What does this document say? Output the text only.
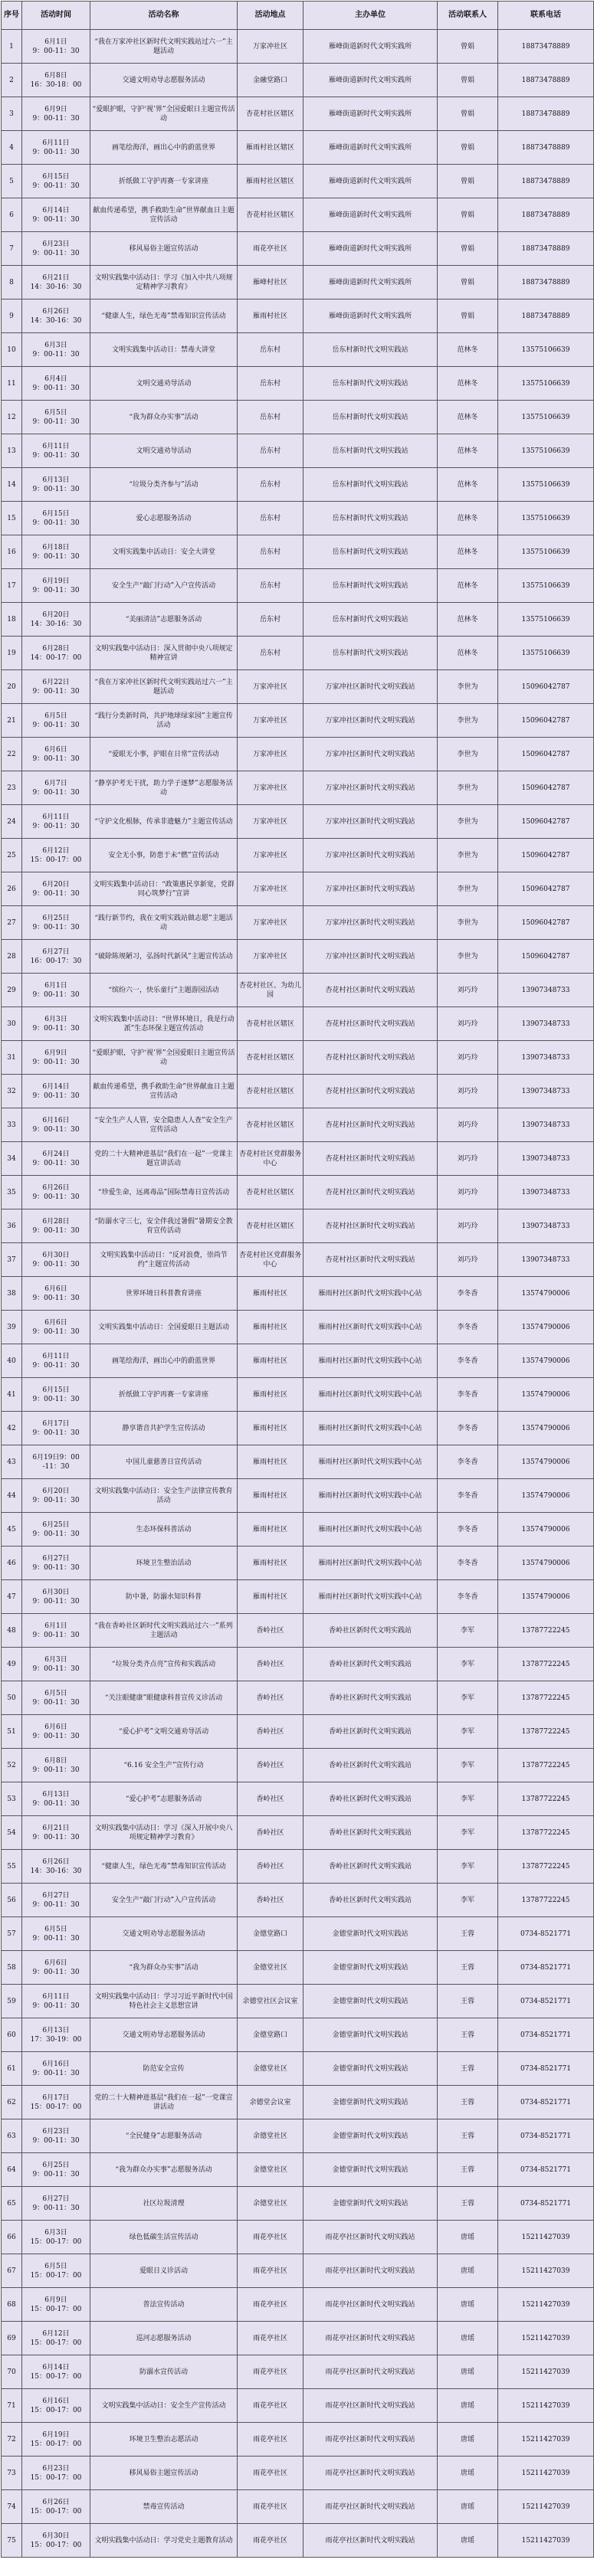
序号	活动时间	活动名称	活动地点	主办单位	活动联系人	联系电话
1	6月1日
9：00-11：30	“我在万家冲社区新时代文明实践站过六一”主题活动	万家冲社区	雁峰街道新时代文明实践所	曾娟	18873478889
2	6月8日
16：30-18：00	交通文明劝导志愿服务活动	金融堂路口	雁峰街道新时代文明实践所	曾娟	18873478889
3	6月9日
9：00-11：30	“爱眼护眼，守护‘视’界”全国爱眼日主题宣传活动	杏花村社区辖区	雁峰街道新时代文明实践所	曾娟	18873478889
4	6月11日
9：00-11：30	画笔绘海洋，画出心中的蔚蓝世界	雁雨村社区辖区	雁峰街道新时代文明实践所	曾娟	18873478889
5	6月15日
9：00-11：30	折纸做工守护再赛一专家讲座	雁雨村社区辖区	雁峰街道新时代文明实践所	曾娟	18873478889
6	6月14日
9：00-11：30	献血传递希望，携手救助生命”世界献血日主题宣传活动	杏花村社区辖区	雁峰街道新时代文明实践所	曾娟	18873478889
7	6月23日
9：00-11：30	移风易俗主题宣传活动	雨花亭社区	雁峰街道新时代文明实践所	曾娟	18873478889
8	6月21日
14：30-16：30	文明实践集中活动日：学习《加入中共八项规定精神学习教育》	雁峰村社区	雁峰街道新时代文明实践所	曾娟	18873478889
9	6月26日
14：30-16：30	“健康人生，绿色无毒”禁毒知识宣传活动	雁雨村社区	雁峰街道新时代文明实践所	曾娟	18873478889
10	6月3日
9：00-11：30	文明实践集中活动日：禁毒大讲堂	岳东村	岳东村新时代文明实践站	范林冬	13575106639
11	6月4日
9：00-11：30	文明交通劝导活动	岳东村	岳东村新时代文明实践站	范林冬	13575106639
12	6月5日
9：00-11：30	“我为群众办实事”活动	岳东村	岳东村新时代文明实践站	范林冬	13575106639
13	6月11日
9：00-11：30	文明交通劝导活动	岳东村	岳东村新时代文明实践站	范林冬	13575106639
14	6月13日
9：00-11：30	“垃圾分类齐参与”活动	岳东村	岳东村新时代文明实践站	范林冬	13575106639
15	6月15日
9：00-11：30	爱心志愿服务活动	岳东村	岳东村新时代文明实践站	范林冬	13575106639
16	6月18日
9：00-11：30	文明实践集中活动日：安全大讲堂	岳东村	岳东村新时代文明实践站	范林冬	13575106639
17	6月19日
9：00-11：30	安全生产“敲门行动”入户宣传活动	岳东村	岳东村新时代文明实践站	范林冬	13575106639
18	6月20日
14：30-16：30	“美丽清洁”志愿服务活动	岳东村	岳东村新时代文明实践站	范林冬	13575106639
19	6月28日
14：00-17：00	文明实践集中活动日：深入贯彻中央八项规定精神宣讲	岳东村	岳东村新时代文明实践站	范林冬	13575106639
20	6月22日
9：00-11：30	“我在万家冲社区新时代文明实践站过六一”主题活动	万家冲社区	万家冲社区新时代文明实践站	李世为	15096042787
21	6月5日
9：00-11：30	“践行分类新时尚，共护地球绿家园”主题宣传活动	万家冲社区	万家冲社区新时代文明实践站	李世为	15096042787
22	6月6日
9：00-11：30	“爱眼无小事，护眼在日常”宣传活动	万家冲社区	万家冲社区新时代文明实践站	李世为	15096042787
23	6月7日
9：00-11：30	“静享护考无干扰，助力学子逐梦”志愿服务活动	万家冲社区	万家冲社区新时代文明实践站	李世为	15096042787
24	6月11日
9：00-11：30	“守护文化根脉，传承非遗魅力”主题宣传活动	万家冲社区	万家冲社区新时代文明实践站	李世为	15096042787
25	6月12日
15：00-17：00	安全无小事，防患于未“燃”宣传活动	万家冲社区	万家冲社区新时代文明实践站	李世为	15096042787
26	6月20日
9：00-11：30	文明实践集中活动日：“政策惠民享新宽，党群同心筑梦行”宣讲	万家冲社区	万家冲社区新时代文明实践站	李世为	15096042787
27	6月25日
9：00-11：30	“践行新节约，我在文明实践站做志愿”主题活动	万家冲社区	万家冲社区新时代文明实践站	李世为	15096042787
28	6月27日
16：00-17：30	“破除陈规陋习，弘扬时代新风”主题宣传活动	万家冲社区	万家冲社区新时代文明实践站	李世为	15096042787
29	6月1日
9：00-11：30	“缤纷六一，快乐童行”主题游园活动	杏花村社区、为幼儿园	杏花村社区新时代文明实践站	刘巧玲	13907348733
30	6月3日
9：00-11：30	文明实践集中活动日：“世界环境日，我是行动派”生态环保主题宣传活动	杏花村社区辖区	杏花村社区新时代文明实践站	刘巧玲	13907348733
31	6月9日
9：00-11：30	“爱眼护眼，守护‘视’界”全国爱眼日主题宣传活动	杏花村社区辖区	杏花村社区新时代文明实践站	刘巧玲	13907348733
32	6月14日
9：00-11：30	献血传递希望，携手救助生命”世界献血日主题宣传活动	杏花村社区辖区	杏花村社区新时代文明实践站	刘巧玲	13907348733
33	6月16日
9：00-11：30	“安全生产人人管，安全隐患人人查”安全生产宣传活动	杏花村社区辖区	杏花村社区新时代文明实践站	刘巧玲	13907348733
34	6月24日
9：00-11：30	党的二十大精神进基层“我们在一起”一党课主题宣讲活动	杏花村社区党群服务中心	杏花村社区新时代文明实践站	刘巧玲	13907348733
35	6月26日
9：00-11：30	“珍爱生命，远离毒品”国际禁毒日宣传活动	杏花村社区辖区	杏花村社区新时代文明实践站	刘巧玲	13907348733
36	6月28日
9：00-11：30	“防溺水守三七，安全伴我过暑假”暑期安全教育宣传活动	杏花村社区辖区	杏花村社区新时代文明实践站	刘巧玲	13907348733
37	6月30日
9：00-11：30	文明实践集中活动日：“反对浪费，崇尚节约”主题宣传活动	杏花村社区党群服务中心	杏花村社区新时代文明实践站	刘巧玲	13907348733
38	6月6日
9：00-11：30	世界环境日科普教育讲座	雁雨村社区	雁雨村社区新时代文明实践中心站	李冬香	13574790006
39	6月6日
9：00-11：30	文明实践集中活动日：全国爱眼日主题活动	雁雨村社区	雁雨村社区新时代文明实践中心站	李冬香	13574790006
40	6月11日
9：00-11：30	画笔绘海洋，画出心中的蔚蓝世界	雁雨村社区	雁雨村社区新时代文明实践中心站	李冬香	13574790006
41	6月15日
9：00-11：30	折纸做工守护再赛一专家讲座	雁雨村社区	雁雨村社区新时代文明实践中心站	李冬香	13574790006
42	6月17日
9：00-11：30	静享谐音共护学生宣传活动	雁雨村社区	雁雨村社区新时代文明实践中心站	李冬香	13574790006
43	6月19日9：00
-11：30	中国儿童慈善日宣传活动	雁雨村社区	雁雨村社区新时代文明实践中心站	李冬香	13574790006
44	6月20日
9：00-11：30	文明实践集中活动日：安全生产法律宣传教育活动	雁雨村社区	雁雨村社区新时代文明实践中心站	李冬香	13574790006
45	6月25日
9：00-11：30	生态环保科普活动	雁雨村社区	雁雨村社区新时代文明实践中心站	李冬香	13574790006
46	6月27日
9：00-11：30	环境卫生整治活动	雁雨村社区	雁雨村社区新时代文明实践中心站	李冬香	13574790006
47	6月30日
9：00-11：30	防中暑，防溺水知识科普	雁雨村社区	雁雨村社区新时代文明实践中心站	李冬香	13574790006
48	6月1日
9：00-11：30	“我在香岭社区新时代文明实践站过六一”系列主题活动	香岭社区	香岭社区新时代文明实践站	李军	13787722245
49	6月3日
9：00-11：30	“垃圾分类齐点亮”宣传和实践活动	香岭社区	香岭社区新时代文明实践站	李军	13787722245
50	6月5日
9：00-11：30	“关注眼健康”眼健康科普宣传义诊活动	香岭社区	香岭社区新时代文明实践站	李军	13787722245
51	6月6日
9：00-11：30	“爱心护考”文明交通劝导活动	香岭社区	香岭社区新时代文明实践站	李军	13787722245
52	6月8日
9：00-11：30	“6.16 安全生产”宣传行动	香岭社区	香岭社区新时代文明实践站	李军	13787722245
53	6月13日
9：00-11：30	“爱心护考”志愿服务活动	香岭社区	香岭社区新时代文明实践站	李军	13787722245
54	6月21日
9：00-11：30	文明实践集中活动日：学习《深入开展中央八项规定精神学习教育》	香岭社区	香岭社区新时代文明实践站	李军	13787722245
55	6月26日
14：30-16：30	“健康人生，绿色无毒”禁毒知识宣传活动	香岭社区	香岭社区新时代文明实践站	李军	13787722245
56	6月27日
9：00-11：30	安全生产“敲门行动”入户宣传活动	香岭社区	香岭社区新时代文明实践站	李军	13787722245
57	6月5日
9：00-11：30	交通文明劝导志愿服务活动	金德堂路口	金德堂新时代文明实践站	王蓉	0734-8521771
58	6月6日
9：00-11：30	“我为群众办实事”活动	金德堂社区	金德堂新时代文明实践站	王蓉	0734-8521771
59	6月11日
9：00-11：30	文明实践集中活动日：学习习近平新时代中国特色社会主义思想宣讲	余德堂社区会议室	金德堂新时代文明实践站	王蓉	0734-8521771
60	6月13日
17：30-19：00	交通文明劝导志愿服务活动	金德堂路口	金德堂新时代文明实践站	王蓉	0734-8521771
61	6月16日
9：00-11：30	防范安全宣传	金德堂社区	金德堂新时代文明实践站	王蓉	0734-8521771
62	6月17日
15：00-17：00	党的二十大精神进基层“我们在一起”一党课宣讲活动	余德堂会议室	金德堂新时代文明实践站	王蓉	0734-8521771
63	6月23日
9：00-11：30	“全民健身”志愿服务活动	余德堂社区	金德堂新时代文明实践站	王蓉	0734-8521771
64	6月25日
9：00-11：30	“我为群众办实事”志愿服务活动	金德堂社区	金德堂新时代文明实践站	王蓉	0734-8521771
65	6月27日
9：00-11：30	社区垃圾清理	余德堂社区	金德堂新时代文明实践站	王蓉	0734-8521771
66	6月3日
15：00-17：00	绿色低碳生活宣传活动	雨花亭社区	雨花亭社区新时代文明实践站	唐瑶	15211427039
67	6月5日
15：00-17：00	爱眼日义诊活动	雨花亭社区	雨花亭社区新时代文明实践站	唐瑶	15211427039
68	6月9日
15：00-17：00	普法宣传活动	雨花亭社区	雨花亭社区新时代文明实践站	唐瑶	15211427039
69	6月12日
15：00-17：00	巡河志愿服务活动	雨花亭社区	雨花亭社区新时代文明实践站	唐瑶	15211427039
70	6月14日
15：00-17：00	防溺水宣传活动	雨花亭社区	雨花亭社区新时代文明实践站	唐瑶	15211427039
71	6月16日
15：00-17：00	文明实践集中活动日：安全生产宣传活动	雨花亭社区	雨花亭社区新时代文明实践站	唐瑶	15211427039
72	6月19日
15：00-17：00	环境卫生整治志愿活动	雨花亭社区	雨花亭社区新时代文明实践站	唐瑶	15211427039
73	6月23日
15：00-17：00	移风易俗主题宣传活动	雨花亭社区	雨花亭社区新时代文明实践站	唐瑶	15211427039
74	6月26日
15：00-17：00	禁毒宣传活动	雨花亭社区	雨花亭社区新时代文明实践站	唐瑶	15211427039
75	6月30日
15：00-17：00	文明实践集中活动日：学习党史主题教育活动	雨花亭社区	雨花亭社区新时代文明实践站	唐瑶	15211427039
